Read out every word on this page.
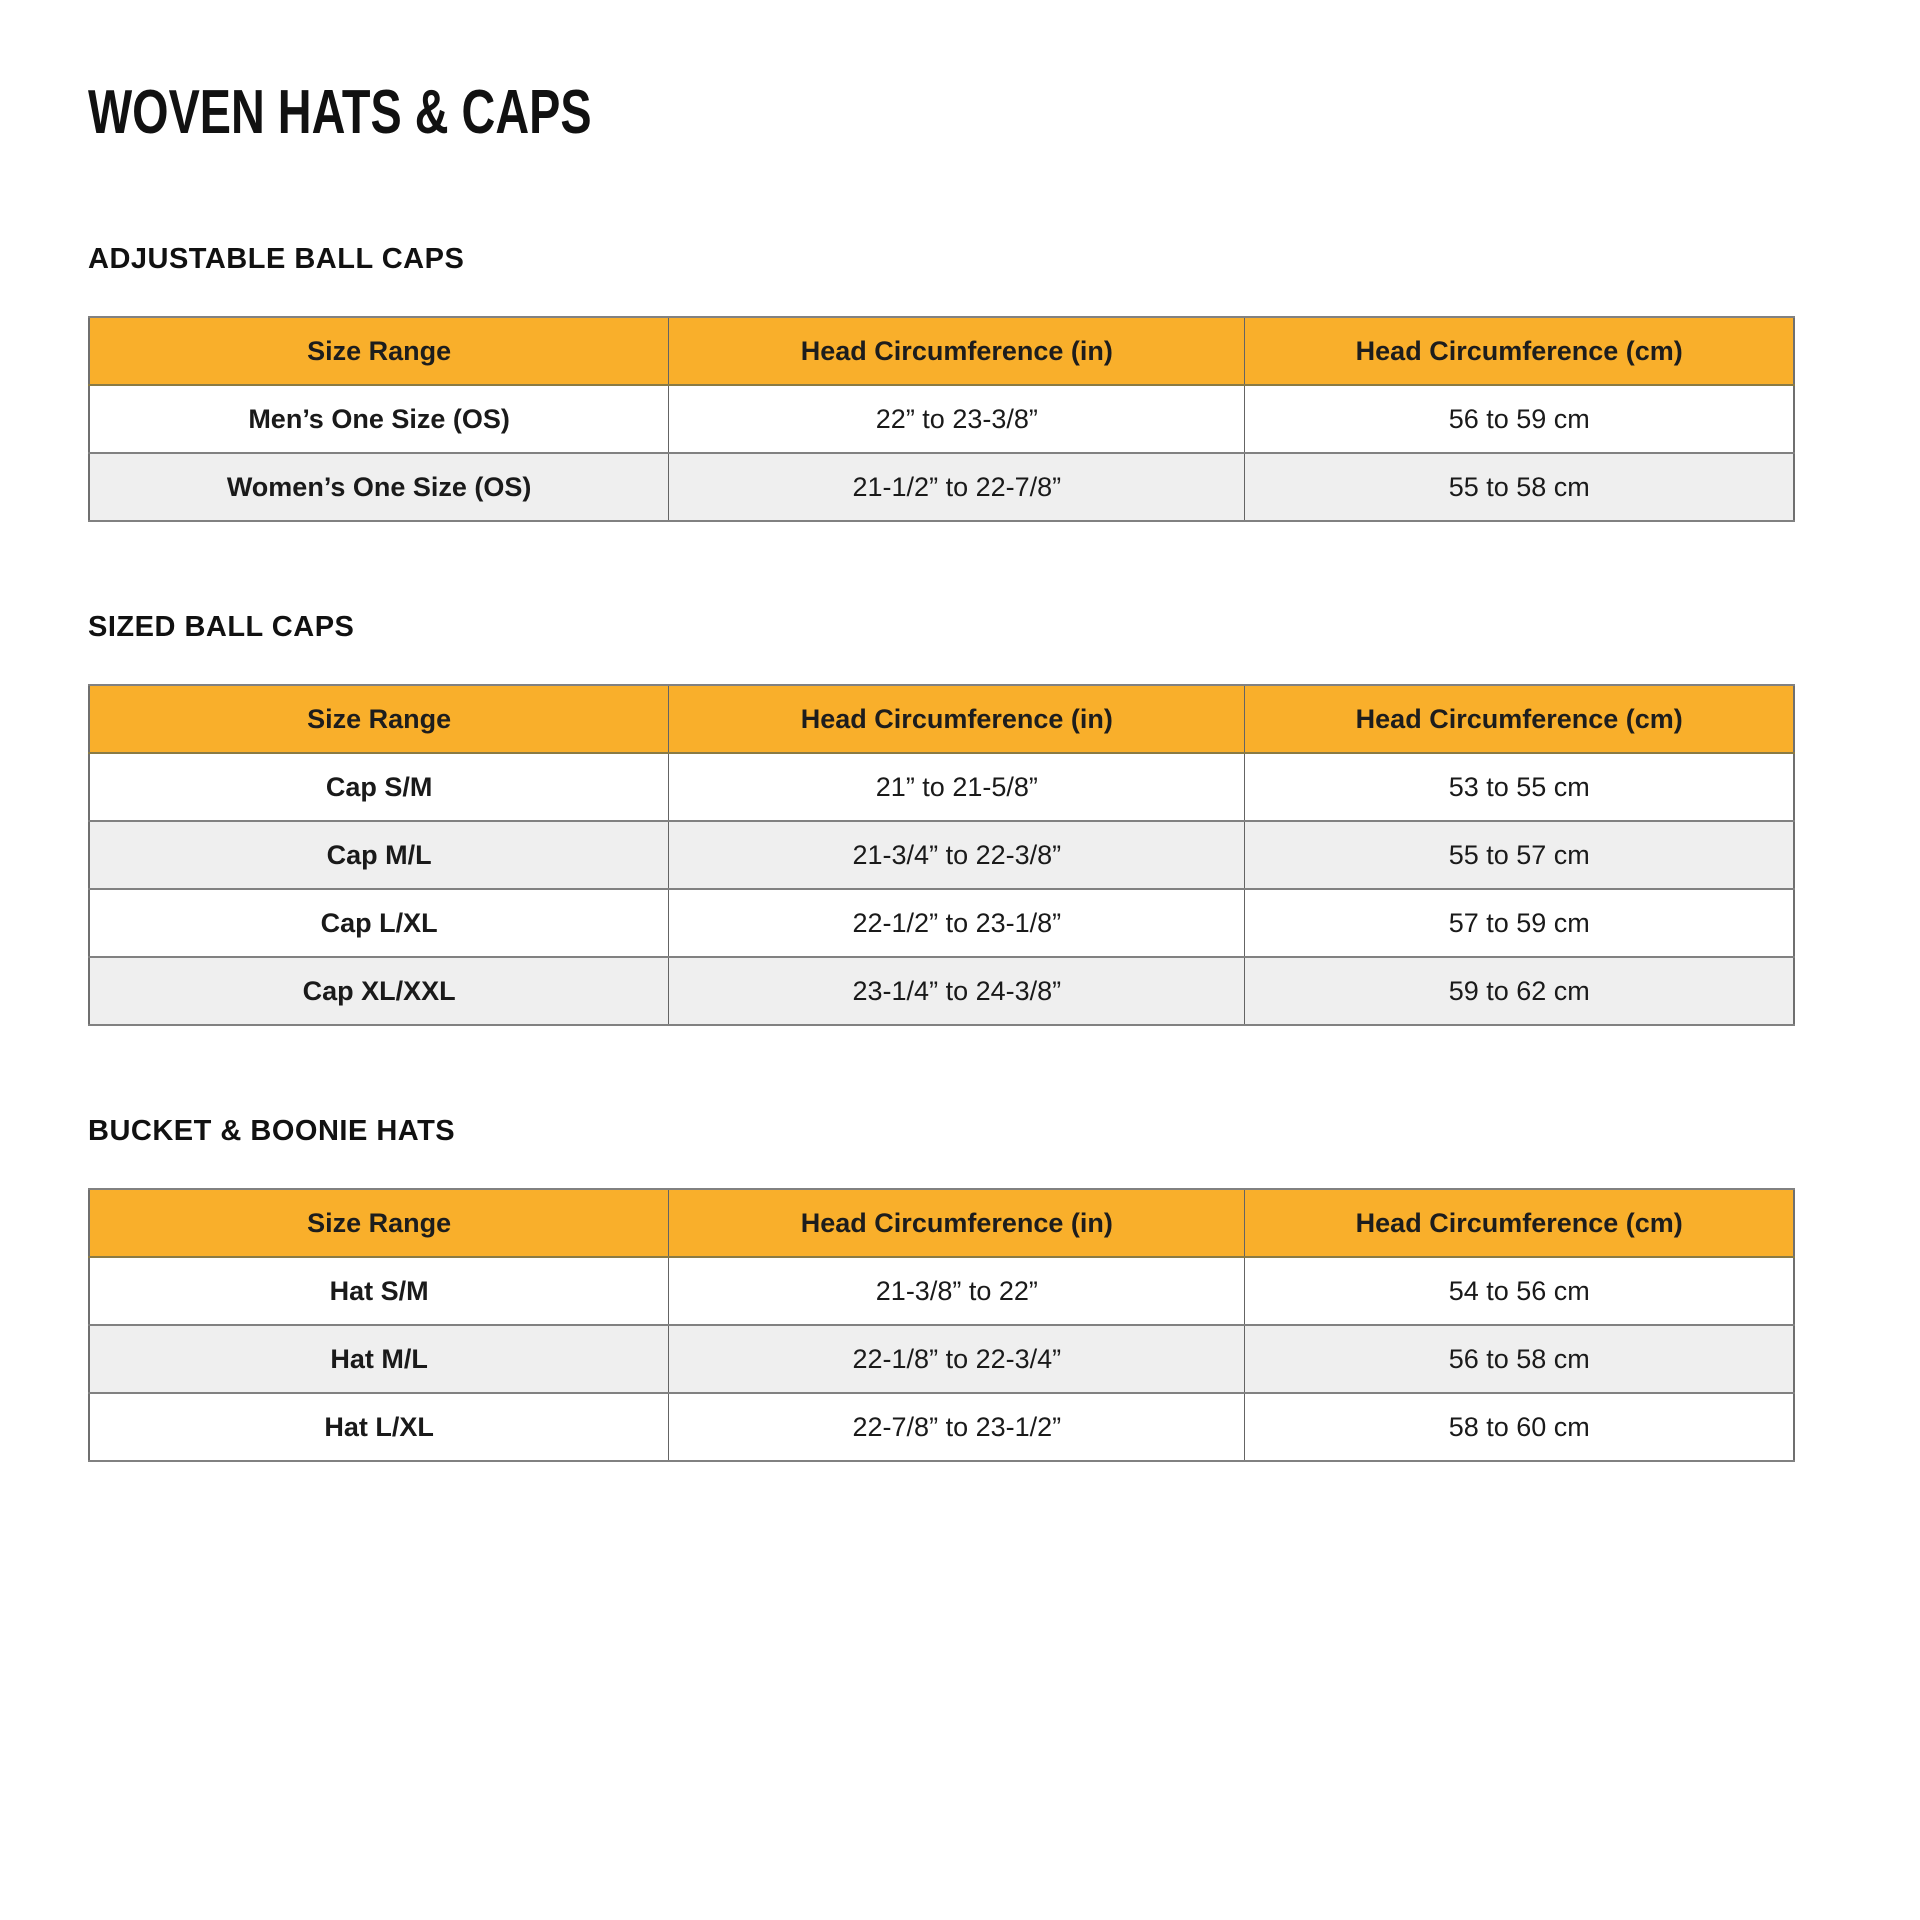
WOVEN HATS & CAPS
ADJUSTABLE BALL CAPS
Size Range	Head Circumference (in)	Head Circumference (cm)
Men’s One Size (OS)	22” to 23-3/8”	56 to 59 cm
Women’s One Size (OS)	21-1/2” to 22-7/8”	55 to 58 cm
SIZED BALL CAPS
Size Range	Head Circumference (in)	Head Circumference (cm)
Cap S/M	21” to 21-5/8”	53 to 55 cm
Cap M/L	21-3/4” to 22-3/8”	55 to 57 cm
Cap L/XL	22-1/2” to 23-1/8”	57 to 59 cm
Cap XL/XXL	23-1/4” to 24-3/8”	59 to 62 cm
BUCKET & BOONIE HATS
Size Range	Head Circumference (in)	Head Circumference (cm)
Hat S/M	21-3/8” to 22”	54 to 56 cm
Hat M/L	22-1/8” to 22-3/4”	56 to 58 cm
Hat L/XL	22-7/8” to 23-1/2”	58 to 60 cm
